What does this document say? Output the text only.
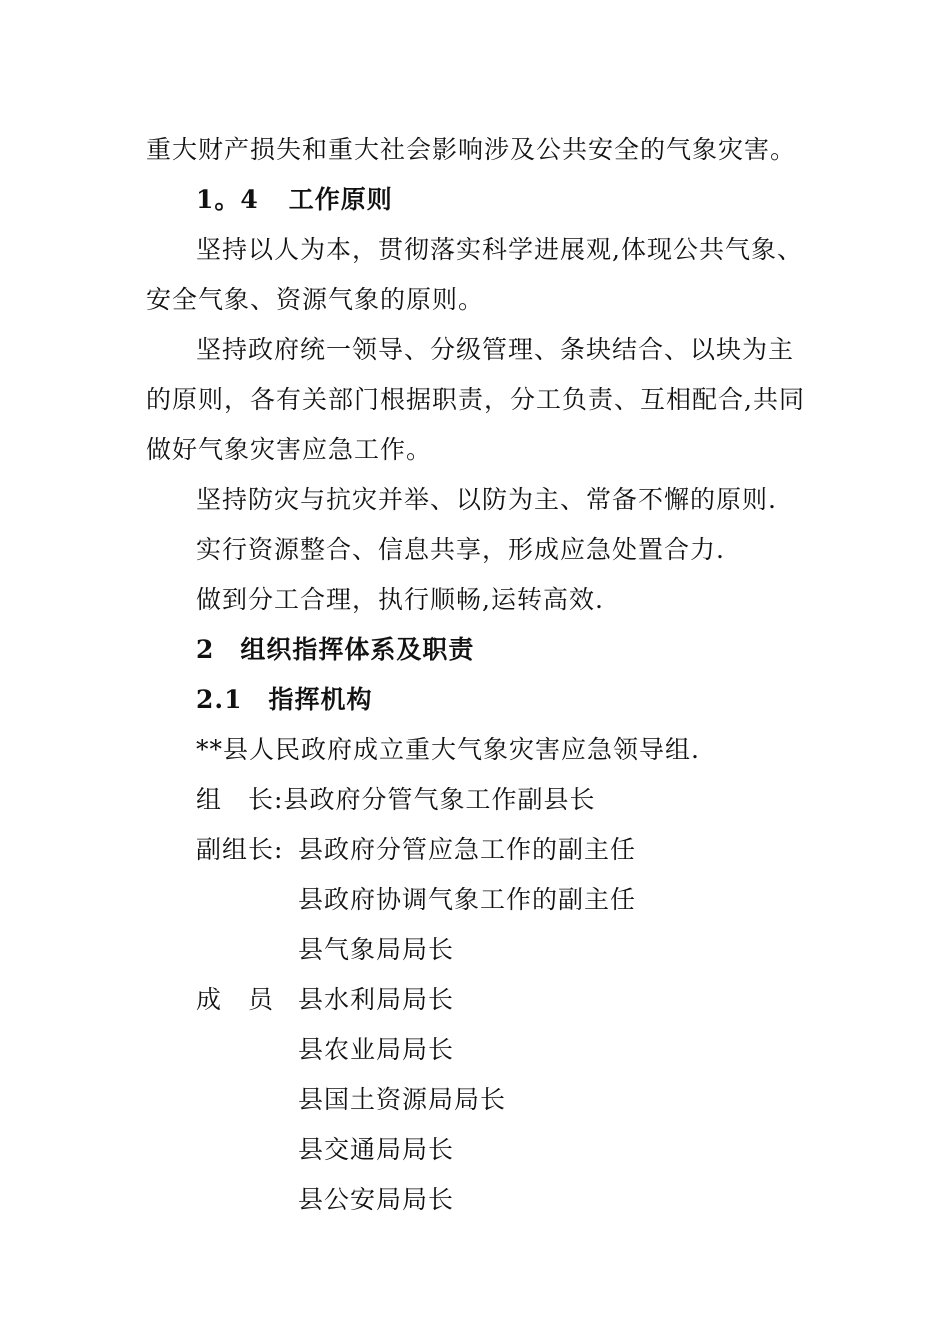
重大财产损失和重大社会影响涉及公共安全的气象灾害。
1。4 工作原则
坚持以人为本，贯彻落实科学进展观,体现公共气象、
安全气象、资源气象的原则。
坚持政府统一领导、分级管理、条块结合、以块为主
的原则，各有关部门根据职责，分工负责、互相配合,共同
做好气象灾害应急工作。
坚持防灾与抗灾并举、以防为主、常备不懈的原则.
实行资源整合、信息共享，形成应急处置合力.
做到分工合理，执行顺畅,运转高效.
2 组织指挥体系及职责
2.1 指挥机构
**县人民政府成立重大气象灾害应急领导组.
组　长:县政府分管气象工作副县长
副组长: 县政府分管应急工作的副主任
县政府协调气象工作的副主任
县气象局局长
成　员 县水利局局长
县农业局局长
县国土资源局局长
县交通局局长
县公安局局长
